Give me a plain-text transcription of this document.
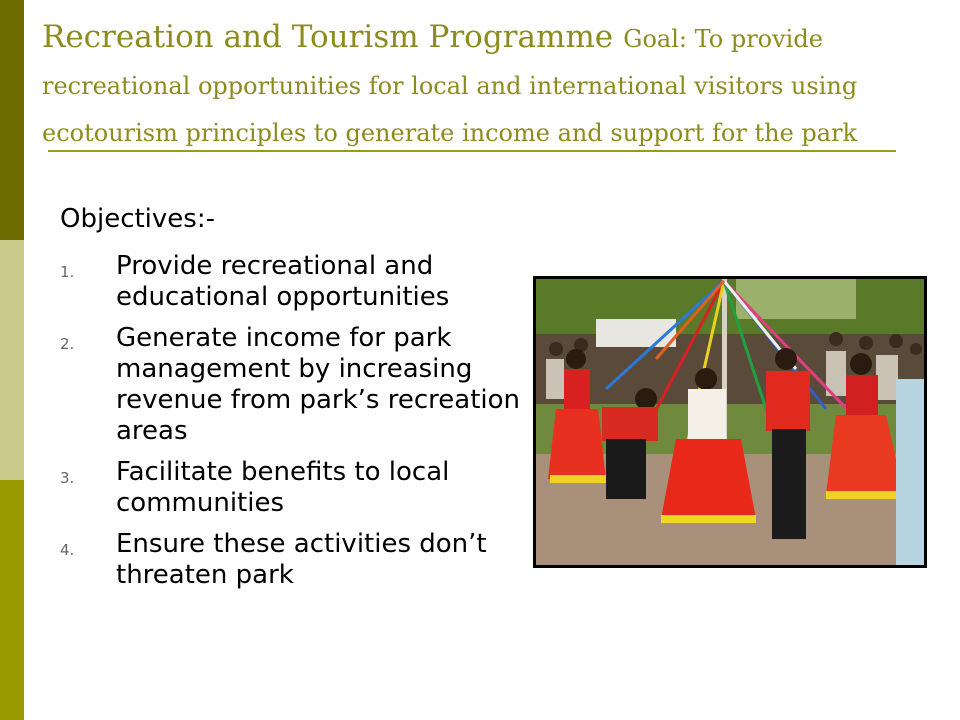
Recreation and Tourism Programme Goal: To provide recreational opportunities for local and international visitors using ecotourism principles to generate income and support for the park
Objectives:-
1. Provide recreational and educational opportunities
2. Generate income for park management by increasing revenue from park’s recreation areas
3. Facilitate benefits to local communities
4. Ensure these activities don’t threaten park
